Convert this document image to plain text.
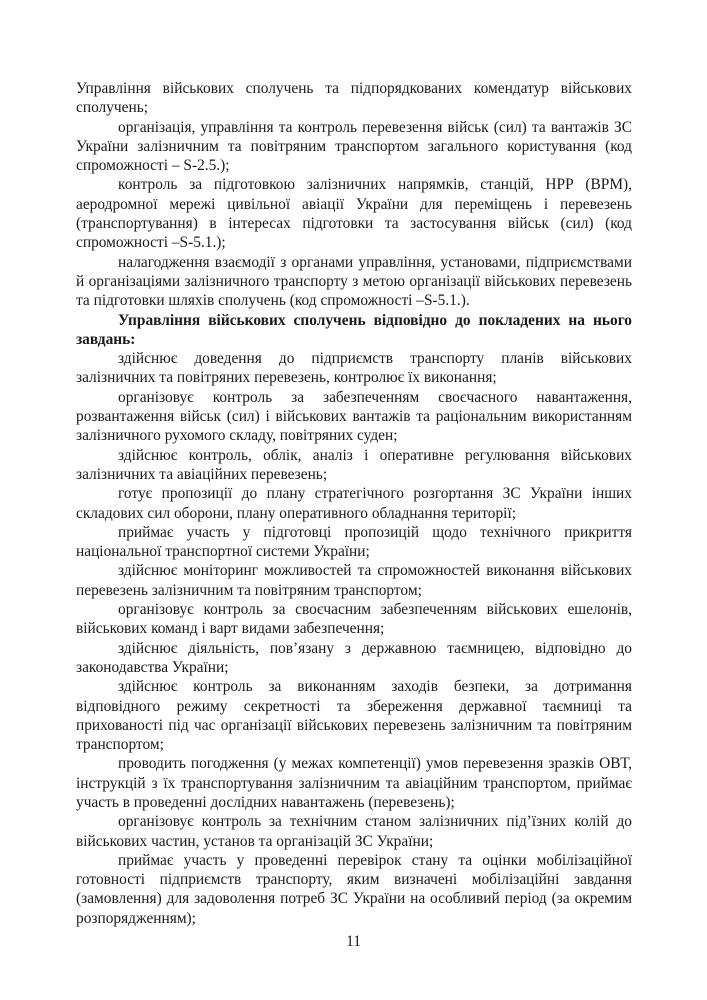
Управління військових сполучень та підпорядкованих комендатур військових сполучень;

організація, управління та контроль перевезення військ (сил) та вантажів ЗС України залізничним та повітряним транспортом загального користування (код спроможності – S-2.5.);

контроль за підготовкою залізничних напрямків, станцій, НРР (ВРМ), аеродромної мережі цивільної авіації України для переміщень і перевезень (транспортування) в інтересах підготовки та застосування військ (сил) (код спроможності –S-5.1.);

налагодження взаємодії з органами управління, установами, підприємствами й організаціями залізничного транспорту з метою організації військових перевезень та підготовки шляхів сполучень (код спроможності –S-5.1.).

Управління військових сполучень відповідно до покладених на нього завдань:

здійснює доведення до підприємств транспорту планів військових залізничних та повітряних перевезень, контролює їх виконання;

організовує контроль за забезпеченням своєчасного навантаження, розвантаження військ (сил) і військових вантажів та раціональним використанням залізничного рухомого складу, повітряних суден;

здійснює контроль, облік, аналіз і оперативне регулювання військових залізничних та авіаційних перевезень;

готує пропозиції до плану стратегічного розгортання ЗС України інших складових сил оборони, плану оперативного обладнання території;

приймає участь у підготовці пропозицій щодо технічного прикриття національної транспортної системи України;

здійснює моніторинг можливостей та спроможностей виконання військових перевезень залізничним та повітряним транспортом;

організовує контроль за своєчасним забезпеченням військових ешелонів, військових команд і варт видами забезпечення;

здійснює діяльність, пов’язану з державною таємницею, відповідно до законодавства України;

здійснює контроль за виконанням заходів безпеки, за дотримання відповідного режиму секретності та збереження державної таємниці та прихованості під час організації військових перевезень залізничним та повітряним транспортом;

проводить погодження (у межах компетенції) умов перевезення зразків ОВТ, інструкцій з їх транспортування залізничним та авіаційним транспортом, приймає участь в проведенні дослідних навантажень (перевезень);

організовує контроль за технічним станом залізничних під’їзних колій до військових частин, установ та організацій ЗС України;

приймає участь у проведенні перевірок стану та оцінки мобілізаційної готовності підприємств транспорту, яким визначені мобілізаційні завдання (замовлення) для задоволення потреб ЗС України на особливий період (за окремим розпорядженням);

11
